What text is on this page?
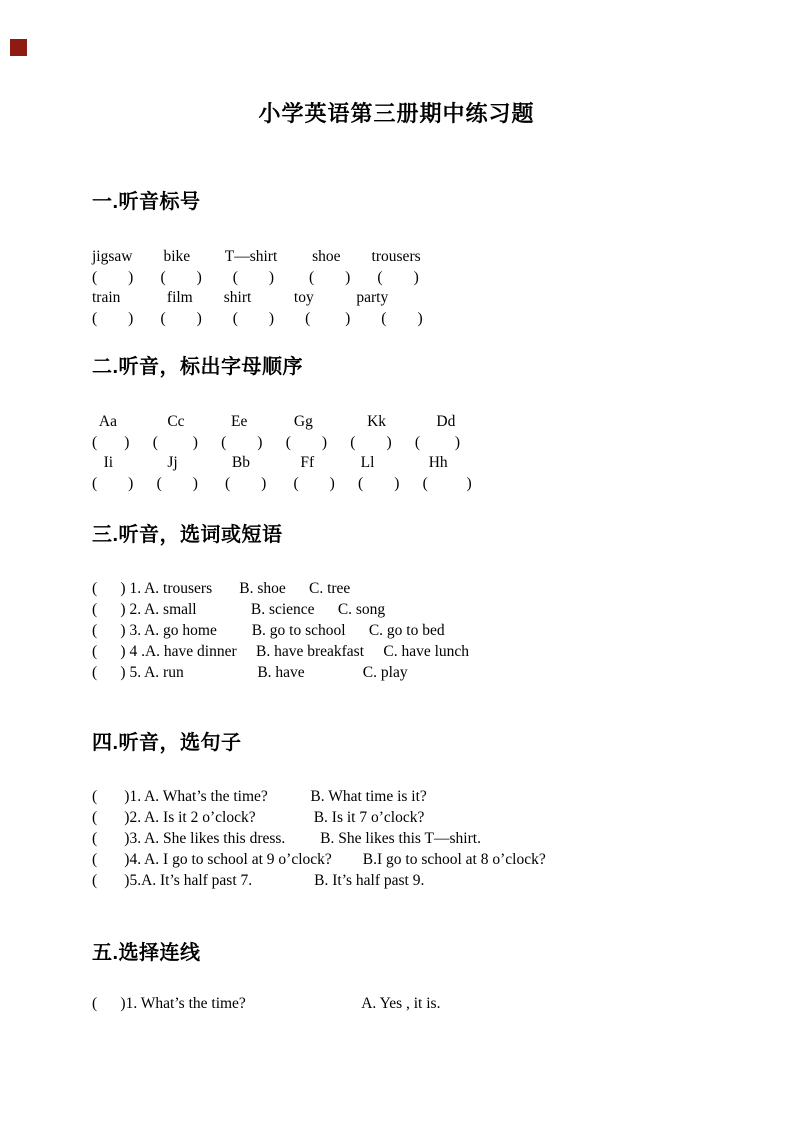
小学英语第三册期中练习题
一.听音标号
jigsaw        bike         T—shirt         shoe        trousers
(        )       (        )        (        )         (        )       (        )
train            film        shirt           toy           party
(        )       (        )        (        )        (         )        (        )
二.听音，标出字母顺序
Aa             Cc            Ee            Gg              Kk             Dd
(       )      (         )      (        )      (        )      (        )      (         )
Ii              Jj              Bb             Ff            Ll              Hh
(        )      (        )       (        )       (        )      (        )      (          )
三.听音，选词或短语
(      ) 1. A. trousers       B. shoe      C. tree
(      ) 2. A. small              B. science      C. song
(      ) 3. A. go home         B. go to school      C. go to bed
(      ) 4 .A. have dinner     B. have breakfast     C. have lunch
(      ) 5. A. run                   B. have               C. play
四.听音，选句子
(       )1. A. What’s the time?           B. What time is it?
(       )2. A. Is it 2 o’clock?               B. Is it 7 o’clock?
(       )3. A. She likes this dress.         B. She likes this T—shirt.
(       )4. A. I go to school at 9 o’clock?        B.I go to school at 8 o’clock?
(       )5.A. It’s half past 7.                B. It’s half past 9.
五.选择连线
(      )1. What’s the time?                              A. Yes , it is.
